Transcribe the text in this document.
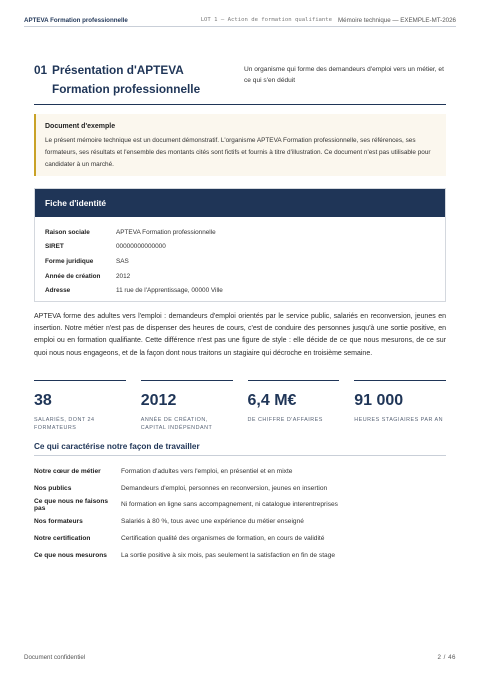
APTEVA Formation professionnelle	LOT 1 — Action de formation qualifiante Mémoire technique — EXEMPLE-MT-2026
01 Présentation d'APTEVA
Formation professionnelle
Un organisme qui forme des demandeurs d'emploi vers un métier, et ce qui s'en déduit
Document d'exemple
Le présent mémoire technique est un document démonstratif. L'organisme APTEVA Formation professionnelle, ses références, ses formateurs, ses résultats et l'ensemble des montants cités sont fictifs et fournis à titre d'illustration. Ce document n'est pas utilisable pour candidater à un marché.
Fiche d'identité
Raison sociale	APTEVA Formation professionnelle
SIRET	00000000000000
Forme juridique	SAS
Année de création	2012
Adresse	11 rue de l'Apprentissage, 00000 Ville
APTEVA forme des adultes vers l'emploi : demandeurs d'emploi orientés par le service public, salariés en reconversion, jeunes en insertion. Notre métier n'est pas de dispenser des heures de cours, c'est de conduire des personnes jusqu'à une sortie positive, en emploi ou en formation qualifiante. Cette différence n'est pas une figure de style : elle décide de ce que nous mesurons, de ce sur quoi nous nous engageons, et de la façon dont nous traitons un stagiaire qui décroche en troisième semaine.
38
SALARIÉS, DONT 24 FORMATEURS
2012
ANNÉE DE CRÉATION, CAPITAL INDÉPENDANT
6,4 M€
DE CHIFFRE D'AFFAIRES
91 000
HEURES STAGIAIRES PAR AN
Ce qui caractérise notre façon de travailler
Notre cœur de métier	Formation d'adultes vers l'emploi, en présentiel et en mixte
Nos publics	Demandeurs d'emploi, personnes en reconversion, jeunes en insertion
Ce que nous ne faisons pas	Ni formation en ligne sans accompagnement, ni catalogue interentreprises
Nos formateurs	Salariés à 80 %, tous avec une expérience du métier enseigné
Notre certification	Certification qualité des organismes de formation, en cours de validité
Ce que nous mesurons	La sortie positive à six mois, pas seulement la satisfaction en fin de stage
Document confidentiel	2 / 46
